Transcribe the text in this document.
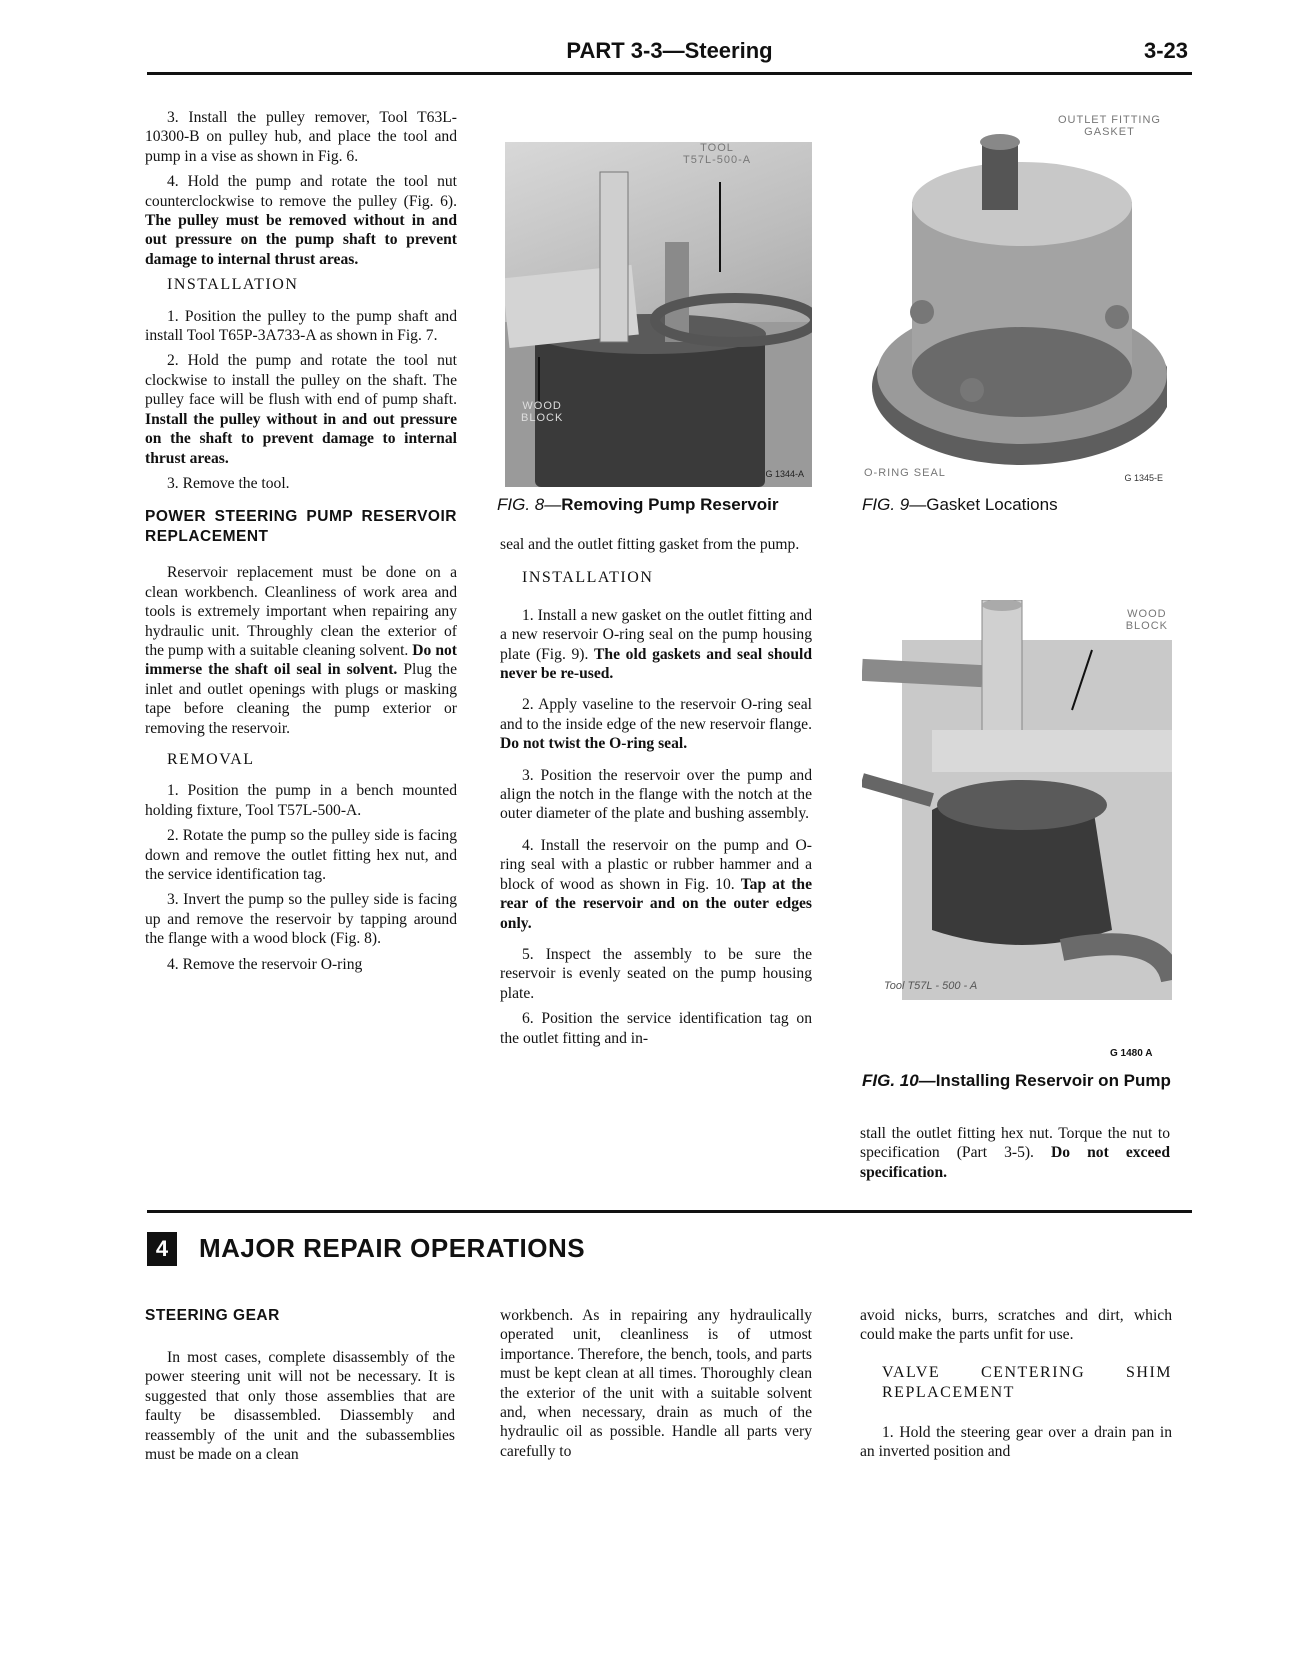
PART 3-3—Steering	3-23

3. Install the pulley remover, Tool T63L-10300-B on pulley hub, and place the tool and pump in a vise as shown in Fig. 6.

4. Hold the pump and rotate the tool nut counterclockwise to remove the pulley (Fig. 6). The pulley must be removed without in and out pressure on the pump shaft to prevent damage to internal thrust areas.

INSTALLATION

1. Position the pulley to the pump shaft and install Tool T65P-3A733-A as shown in Fig. 7.

2. Hold the pump and rotate the tool nut clockwise to install the pulley on the shaft. The pulley face will be flush with end of pump shaft. Install the pulley without in and out pressure on the shaft to prevent damage to internal thrust areas.

3. Remove the tool.

POWER STEERING PUMP RESERVOIR REPLACEMENT

Reservoir replacement must be done on a clean workbench. Cleanliness of work area and tools is extremely important when repairing any hydraulic unit. Throughly clean the exterior of the pump with a suitable cleaning solvent. Do not immerse the shaft oil seal in solvent. Plug the inlet and outlet openings with plugs or masking tape before cleaning the pump exterior or removing the reservoir.

REMOVAL

1. Position the pump in a bench mounted holding fixture, Tool T57L-500-A.

2. Rotate the pump so the pulley side is facing down and remove the outlet fitting hex nut, and the service identification tag.

3. Invert the pump so the pulley side is facing up and remove the reservoir by tapping around the flange with a wood block (Fig. 8).

4. Remove the reservoir O-ring

TOOL
T57L-500-A
WOOD
BLOCK
G 1344-A
FIG. 8—Removing Pump Reservoir
OUTLET FITTING
GASKET
O-RING SEAL	G 1345-E
FIG. 9—Gasket Locations

seal and the outlet fitting gasket from the pump.

INSTALLATION

1. Install a new gasket on the outlet fitting and a new reservoir O-ring seal on the pump housing plate (Fig. 9). The old gaskets and seal should never be re-used.

2. Apply vaseline to the reservoir O-ring seal and to the inside edge of the new reservoir flange. Do not twist the O-ring seal.

3. Position the reservoir over the pump and align the notch in the flange with the notch at the outer diameter of the plate and bushing assembly.

4. Install the reservoir on the pump and O-ring seal with a plastic or rubber hammer and a block of wood as shown in Fig. 10. Tap at the rear of the reservoir and on the outer edges only.

5. Inspect the assembly to be sure the reservoir is evenly seated on the pump housing plate.

6. Position the service identification tag on the outlet fitting and in-

WOOD
BLOCK
Tool T57L - 500 - A
G 1480 A
FIG. 10—Installing Reservoir on Pump

stall the outlet fitting hex nut. Torque the nut to specification (Part 3-5). Do not exceed specification.

4	MAJOR REPAIR OPERATIONS
STEERING GEAR

In most cases, complete disassembly of the power steering unit will not be necessary. It is suggested that only those assemblies that are faulty be disassembled. Diassembly and reassembly of the unit and the subassemblies must be made on a clean

workbench. As in repairing any hydraulically operated unit, cleanliness is of utmost importance. Therefore, the bench, tools, and parts must be kept clean at all times. Thoroughly clean the exterior of the unit with a suitable solvent and, when necessary, drain as much of the hydraulic oil as possible. Handle all parts very carefully to

avoid nicks, burrs, scratches and dirt, which could make the parts unfit for use.

VALVE CENTERING SHIM REPLACEMENT

1. Hold the steering gear over a drain pan in an inverted position and
